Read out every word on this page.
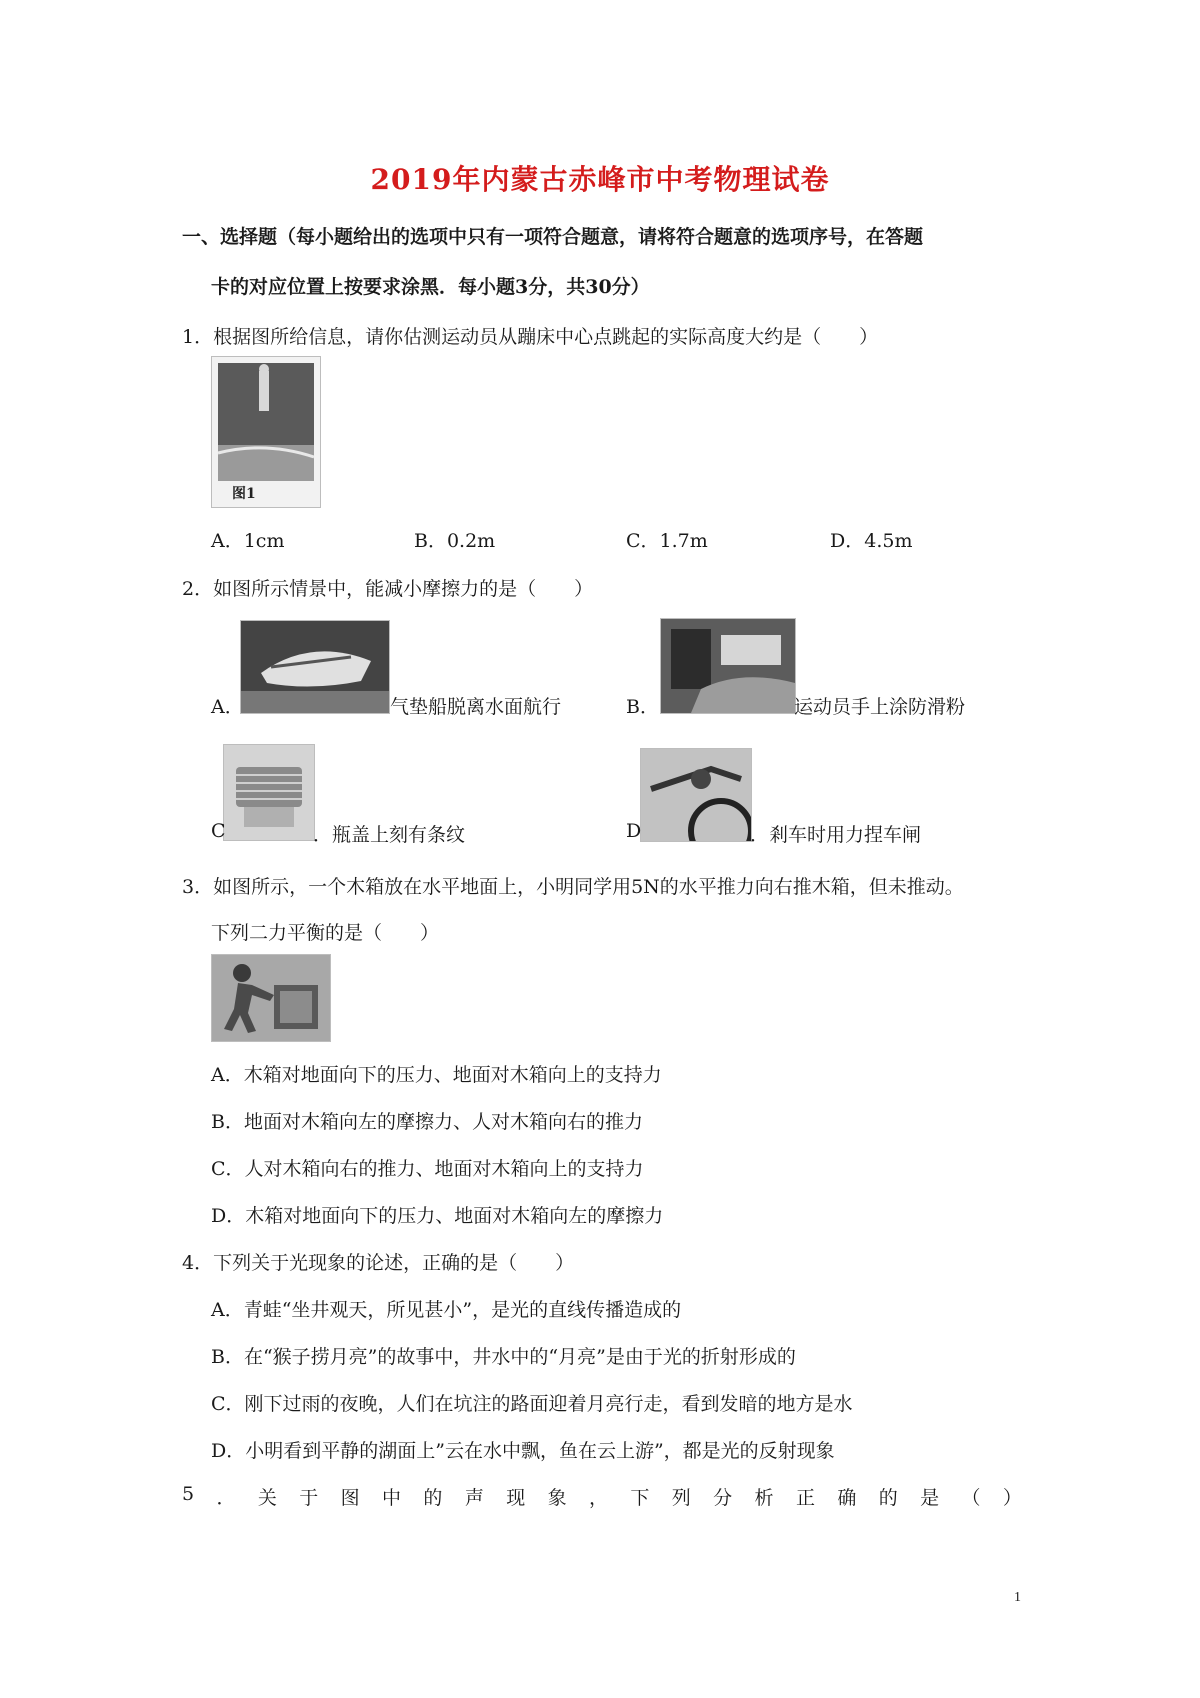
2019年内蒙古赤峰市中考物理试卷
一、选择题（每小题给出的选项中只有一项符合题意，请将符合题意的选项序号，在答题
卡的对应位置上按要求涂黑．每小题3分，共30分）
1．根据图所给信息，请你估测运动员从蹦床中心点跳起的实际高度大约是（　　）
图1
A．1cm	B．0.2m	C．1.7m	D．4.5m
2．如图所示情景中，能减小摩擦力的是（　　）
A．	气垫船脱离水面航行	B．	运动员手上涂防滑粉
C	．瓶盖上刻有条纹	D	．剎车时用力捏车闸
3．如图所示，一个木箱放在水平地面上，小明同学用5N的水平推力向右推木箱，但未推动。
下列二力平衡的是（　　）
A．木箱对地面向下的压力、地面对木箱向上的支持力
B．地面对木箱向左的摩擦力、人对木箱向右的推力
C．人对木箱向右的推力、地面对木箱向上的支持力
D．木箱对地面向下的压力、地面对木箱向左的摩擦力
4．下列关于光现象的论述，正确的是（　　）
A．青蛙“坐井观天，所见甚小”，是光的直线传播造成的
B．在“猴子捞月亮”的故事中，井水中的“月亮”是由于光的折射形成的
C．刚下过雨的夜晚，人们在坑注的路面迎着月亮行走，看到发暗的地方是水
D．小明看到平静的湖面上”云在水中飘，鱼在云上游”，都是光的反射现象
5 ． 关 于 图 中 的 声 现 象 ， 下 列 分 析 正 确 的 是 （ ）
1
